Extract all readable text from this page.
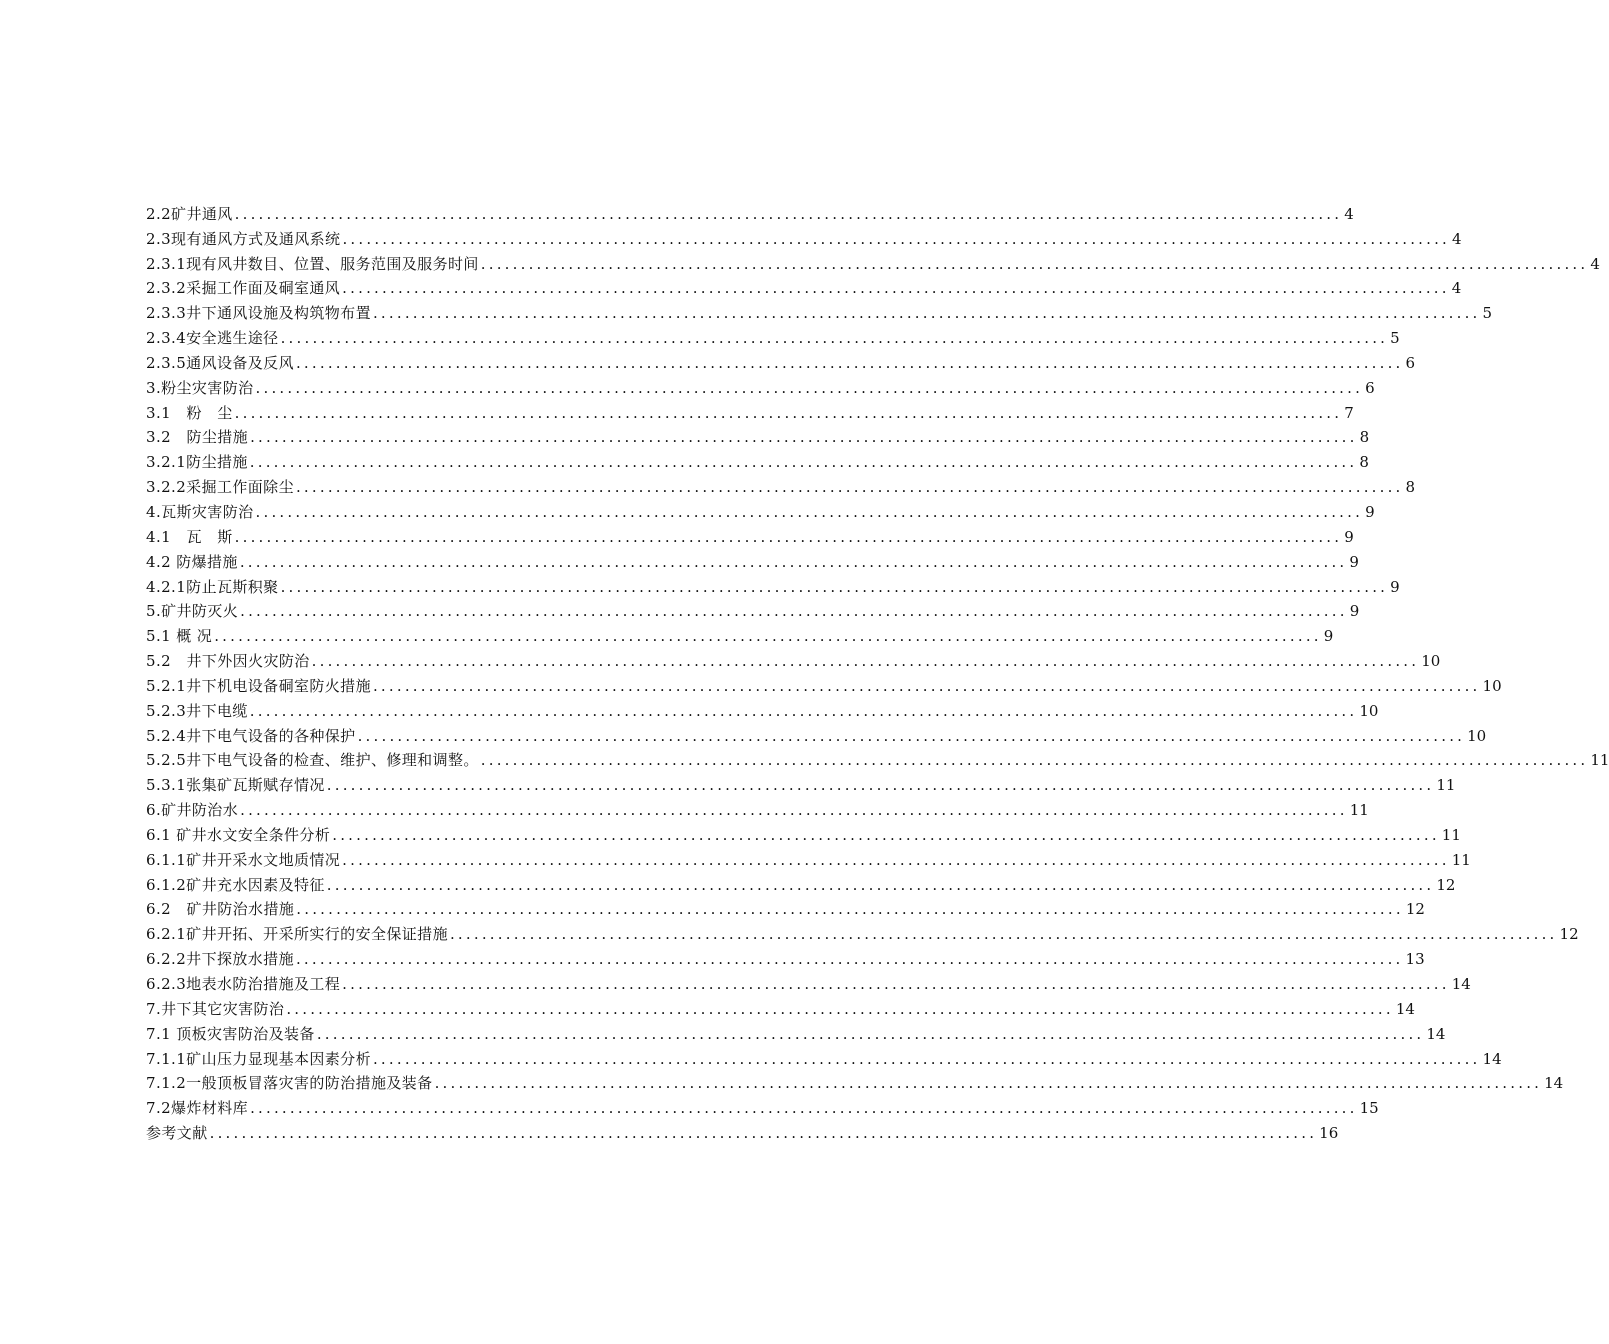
2.2矿井通风 ........................................................................................................................................... 4
2.3现有通风方式及通风系统 ........................................................................................................................................... 4
2.3.1现有风井数目、位置、服务范围及服务时间 ........................................................................................................................................... 4
2.3.2采掘工作面及硐室通风 ........................................................................................................................................... 4
2.3.3井下通风设施及构筑物布置 ........................................................................................................................................... 5
2.3.4安全逃生途径 ........................................................................................................................................... 5
2.3.5通风设备及反风 ........................................................................................................................................... 6
3.粉尘灾害防治 ........................................................................................................................................... 6
3.1　粉　尘 ........................................................................................................................................... 7
3.2　防尘措施 ........................................................................................................................................... 8
3.2.1防尘措施 ........................................................................................................................................... 8
3.2.2采掘工作面除尘 ........................................................................................................................................... 8
4.瓦斯灾害防治 ........................................................................................................................................... 9
4.1　瓦　斯 ........................................................................................................................................... 9
4.2 防爆措施 ........................................................................................................................................... 9
4.2.1防止瓦斯积聚 ........................................................................................................................................... 9
5.矿井防灭火 ........................................................................................................................................... 9
5.1 概 况 ........................................................................................................................................... 9
5.2　井下外因火灾防治 ........................................................................................................................................... 10
5.2.1井下机电设备硐室防火措施 ........................................................................................................................................... 10
5.2.3井下电缆 ........................................................................................................................................... 10
5.2.4井下电气设备的各种保护 ........................................................................................................................................... 10
5.2.5井下电气设备的检查、维护、修理和调整。 ........................................................................................................................................... 11
5.3.1张集矿瓦斯赋存情况 ........................................................................................................................................... 11
6.矿井防治水 ........................................................................................................................................... 11
6.1 矿井水文安全条件分析 ........................................................................................................................................... 11
6.1.1矿井开采水文地质情况 ........................................................................................................................................... 11
6.1.2矿井充水因素及特征 ........................................................................................................................................... 12
6.2　矿井防治水措施 ........................................................................................................................................... 12
6.2.1矿井开拓、开采所实行的安全保证措施 ........................................................................................................................................... 12
6.2.2井下探放水措施 ........................................................................................................................................... 13
6.2.3地表水防治措施及工程 ........................................................................................................................................... 14
7.井下其它灾害防治 ........................................................................................................................................... 14
7.1 顶板灾害防治及装备 ........................................................................................................................................... 14
7.1.1矿山压力显现基本因素分析 ........................................................................................................................................... 14
7.1.2一般顶板冒落灾害的防治措施及装备 ........................................................................................................................................... 14
7.2爆炸材料库 ........................................................................................................................................... 15
参考文献 ........................................................................................................................................... 16
